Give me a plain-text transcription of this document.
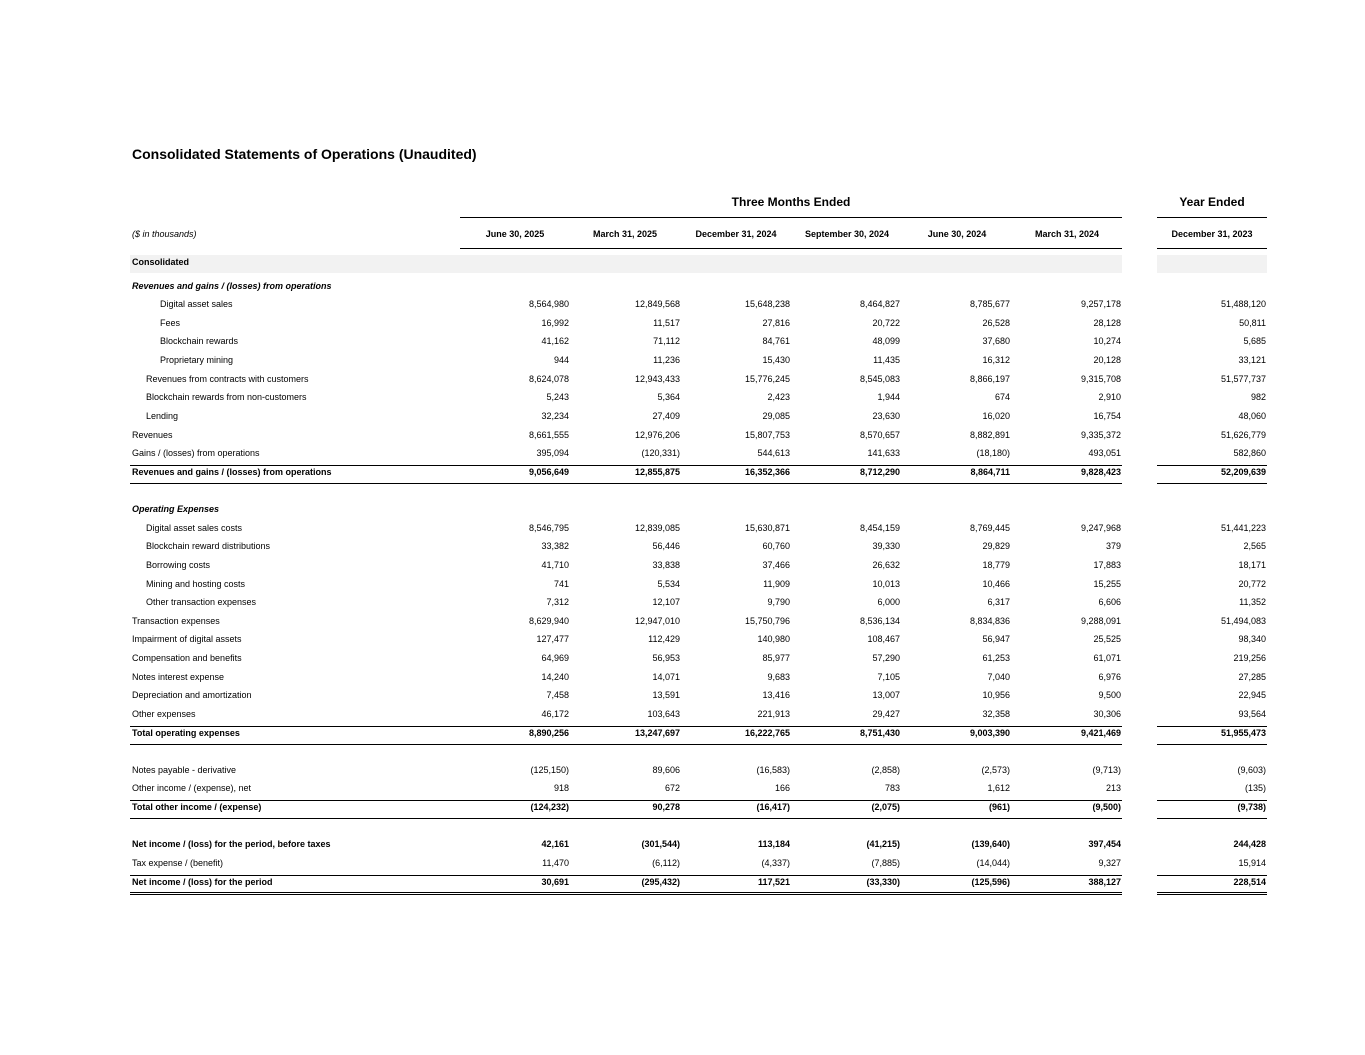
Consolidated Statements of Operations (Unaudited)
Three Months Ended	Year Ended
($ in thousands)	June 30, 2025	March 31, 2025	December 31, 2024	September 30, 2024	June 30, 2024	March 31, 2024	December 31, 2023
Consolidated
Revenues and gains / (losses) from operations
Digital asset sales	8,564,980	12,849,568	15,648,238	8,464,827	8,785,677	9,257,178	51,488,120
Fees	16,992	11,517	27,816	20,722	26,528	28,128	50,811
Blockchain rewards	41,162	71,112	84,761	48,099	37,680	10,274	5,685
Proprietary mining	944	11,236	15,430	11,435	16,312	20,128	33,121
Revenues from contracts with customers	8,624,078	12,943,433	15,776,245	8,545,083	8,866,197	9,315,708	51,577,737
Blockchain rewards from non-customers	5,243	5,364	2,423	1,944	674	2,910	982
Lending	32,234	27,409	29,085	23,630	16,020	16,754	48,060
Revenues	8,661,555	12,976,206	15,807,753	8,570,657	8,882,891	9,335,372	51,626,779
Gains / (losses) from operations	395,094	(120,331)	544,613	141,633	(18,180)	493,051	582,860
Revenues and gains / (losses) from operations	9,056,649	12,855,875	16,352,366	8,712,290	8,864,711	9,828,423	52,209,639
Operating Expenses
Digital asset sales costs	8,546,795	12,839,085	15,630,871	8,454,159	8,769,445	9,247,968	51,441,223
Blockchain reward distributions	33,382	56,446	60,760	39,330	29,829	379	2,565
Borrowing costs	41,710	33,838	37,466	26,632	18,779	17,883	18,171
Mining and hosting costs	741	5,534	11,909	10,013	10,466	15,255	20,772
Other transaction expenses	7,312	12,107	9,790	6,000	6,317	6,606	11,352
Transaction expenses	8,629,940	12,947,010	15,750,796	8,536,134	8,834,836	9,288,091	51,494,083
Impairment of digital assets	127,477	112,429	140,980	108,467	56,947	25,525	98,340
Compensation and benefits	64,969	56,953	85,977	57,290	61,253	61,071	219,256
Notes interest expense	14,240	14,071	9,683	7,105	7,040	6,976	27,285
Depreciation and amortization	7,458	13,591	13,416	13,007	10,956	9,500	22,945
Other expenses	46,172	103,643	221,913	29,427	32,358	30,306	93,564
Total operating expenses	8,890,256	13,247,697	16,222,765	8,751,430	9,003,390	9,421,469	51,955,473
Notes payable - derivative	(125,150)	89,606	(16,583)	(2,858)	(2,573)	(9,713)	(9,603)
Other income / (expense), net	918	672	166	783	1,612	213	(135)
Total other income / (expense)	(124,232)	90,278	(16,417)	(2,075)	(961)	(9,500)	(9,738)
Net income / (loss) for the period, before taxes	42,161	(301,544)	113,184	(41,215)	(139,640)	397,454	244,428
Tax expense / (benefit)	11,470	(6,112)	(4,337)	(7,885)	(14,044)	9,327	15,914
Net income / (loss) for the period	30,691	(295,432)	117,521	(33,330)	(125,596)	388,127	228,514
